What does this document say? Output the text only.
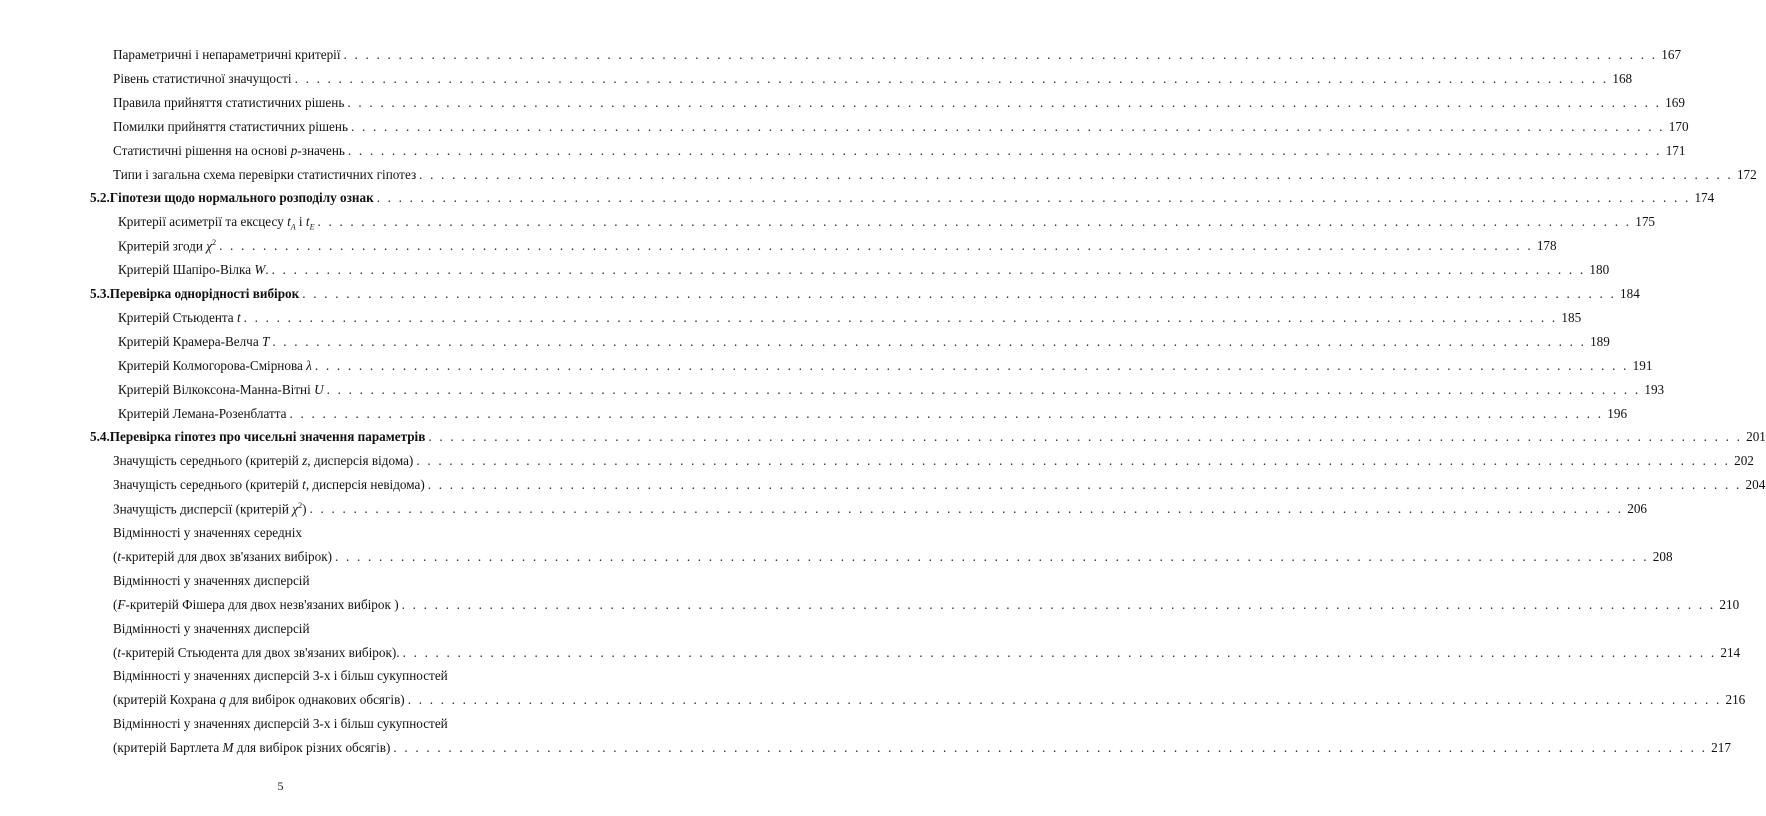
Параметричні і непараметричні критерії . . . . . . . . . . . . . . . . . . . . . . . . . . . . . . . . . . . . . . . . . . . . . . . . . . . . . . . . . . . . . . . . . . . . . . . . . . . . . . . . . . . . . . . . . . . . . . . . . . . . . . . . . . . . . . . . . . . . . . . . 167
Рівень статистичної значущості . . . . . . . . . . . . . . . . . . . . . . . . . . . . . . . . . . . . . . . . . . . . . . . . . . . . . . . . . . . . . . . . . . . . . . . . . . . . . . . . . . . . . . . . . . . . . . . . . . . . . . . . . . . . . . . . . . . . . . . . 168
Правила прийняття статистичних рішень . . . . . . . . . . . . . . . . . . . . . . . . . . . . . . . . . . . . . . . . . . . . . . . . . . . . . . . . . . . . . . . . . . . . . . . . . . . . . . . . . . . . . . . . . . . . . . . . . . . . . . . . . . . . . . . . . . . . . . . . 169
Помилки прийняття статистичних рішень . . . . . . . . . . . . . . . . . . . . . . . . . . . . . . . . . . . . . . . . . . . . . . . . . . . . . . . . . . . . . . . . . . . . . . . . . . . . . . . . . . . . . . . . . . . . . . . . . . . . . . . . . . . . . . . . . . . . . . . . 170
Статистичні рішення на основі p-значень . . . . . . . . . . . . . . . . . . . . . . . . . . . . . . . . . . . . . . . . . . . . . . . . . . . . . . . . . . . . . . . . . . . . . . . . . . . . . . . . . . . . . . . . . . . . . . . . . . . . . . . . . . . . . . . . . . . . . . . . 171
Типи і загальна схема перевірки статистичних гіпотез . . . . . . . . . . . . . . . . . . . . . . . . . . . . . . . . . . . . . . . . . . . . . . . . . . . . . . . . . . . . . . . . . . . . . . . . . . . . . . . . . . . . . . . . . . . . . . . . . . . . . . . . . . . . . . . . . . . . . . . . 172
5.2.Гіпотези щодо нормального розподілу ознак . . . . . . . . . . . . . . . . . . . . . . . . . . . . . . . . . . . . . . . . . . . . . . . . . . . . . . . . . . . . . . . . . . . . . . . . . . . . . . . . . . . . . . . . . . . . . . . . . . . . . . . . . . . . . . . . . . . . . . . . 174
Критерії асиметрії та ексцесу $t_A$ і $t_E$ . . . . . . . . . . . . . . . . . . . . . . . . . . . . . . . . . . . . . . . . . . . . . . . . . . . . . . . . . . . . . . . . . . . . . . . . . . . . . . . . . . . . . . . . . . . . . . . . . . . . . . . . . . . . . . . . . . . . . . . . 175
Критерій згоди $\chi^2$ . . . . . . . . . . . . . . . . . . . . . . . . . . . . . . . . . . . . . . . . . . . . . . . . . . . . . . . . . . . . . . . . . . . . . . . . . . . . . . . . . . . . . . . . . . . . . . . . . . . . . . . . . . . . . . . . . . . . . . . . 178
Критерій Шапіро-Вілка W. . . . . . . . . . . . . . . . . . . . . . . . . . . . . . . . . . . . . . . . . . . . . . . . . . . . . . . . . . . . . . . . . . . . . . . . . . . . . . . . . . . . . . . . . . . . . . . . . . . . . . . . . . . . . . . . . . . . . . . . . 180
5.3.Перевірка однорідності вибірок . . . . . . . . . . . . . . . . . . . . . . . . . . . . . . . . . . . . . . . . . . . . . . . . . . . . . . . . . . . . . . . . . . . . . . . . . . . . . . . . . . . . . . . . . . . . . . . . . . . . . . . . . . . . . . . . . . . . . . . . 184
Критерій Стьюдента t . . . . . . . . . . . . . . . . . . . . . . . . . . . . . . . . . . . . . . . . . . . . . . . . . . . . . . . . . . . . . . . . . . . . . . . . . . . . . . . . . . . . . . . . . . . . . . . . . . . . . . . . . . . . . . . . . . . . . . . . 185
Критерій Крамера-Велча T . . . . . . . . . . . . . . . . . . . . . . . . . . . . . . . . . . . . . . . . . . . . . . . . . . . . . . . . . . . . . . . . . . . . . . . . . . . . . . . . . . . . . . . . . . . . . . . . . . . . . . . . . . . . . . . . . . . . . . . . 189
Критерій Колмогорова-Смірнова λ . . . . . . . . . . . . . . . . . . . . . . . . . . . . . . . . . . . . . . . . . . . . . . . . . . . . . . . . . . . . . . . . . . . . . . . . . . . . . . . . . . . . . . . . . . . . . . . . . . . . . . . . . . . . . . . . . . . . . . . . 191
Критерій Вілкоксона-Манна-Вітні U . . . . . . . . . . . . . . . . . . . . . . . . . . . . . . . . . . . . . . . . . . . . . . . . . . . . . . . . . . . . . . . . . . . . . . . . . . . . . . . . . . . . . . . . . . . . . . . . . . . . . . . . . . . . . . . . . . . . . . . . 193
Критерій Лемана-Розенблатта . . . . . . . . . . . . . . . . . . . . . . . . . . . . . . . . . . . . . . . . . . . . . . . . . . . . . . . . . . . . . . . . . . . . . . . . . . . . . . . . . . . . . . . . . . . . . . . . . . . . . . . . . . . . . . . . . . . . . . . . 196
5.4.Перевірка гіпотез про чисельні значення параметрів . . . . . . . . . . . . . . . . . . . . . . . . . . . . . . . . . . . . . . . . . . . . . . . . . . . . . . . . . . . . . . . . . . . . . . . . . . . . . . . . . . . . . . . . . . . . . . . . . . . . . . . . . . . . . . . . . . . . . . . . 201
Значущість середнього (критерій z, дисперсія відома) . . . . . . . . . . . . . . . . . . . . . . . . . . . . . . . . . . . . . . . . . . . . . . . . . . . . . . . . . . . . . . . . . . . . . . . . . . . . . . . . . . . . . . . . . . . . . . . . . . . . . . . . . . . . . . . . . . . . . . . . 202
Значущість середнього (критерій t, дисперсія невідома) . . . . . . . . . . . . . . . . . . . . . . . . . . . . . . . . . . . . . . . . . . . . . . . . . . . . . . . . . . . . . . . . . . . . . . . . . . . . . . . . . . . . . . . . . . . . . . . . . . . . . . . . . . . . . . . . . . . . . . . . 204
Значущість дисперсії (критерій $\chi^2$) . . . . . . . . . . . . . . . . . . . . . . . . . . . . . . . . . . . . . . . . . . . . . . . . . . . . . . . . . . . . . . . . . . . . . . . . . . . . . . . . . . . . . . . . . . . . . . . . . . . . . . . . . . . . . . . . . . . . . . . . 206
Відмінності у значеннях середніх
(t-критерій для двох зв'язаних вибірок) . . . . . . . . . . . . . . . . . . . . . . . . . . . . . . . . . . . . . . . . . . . . . . . . . . . . . . . . . . . . . . . . . . . . . . . . . . . . . . . . . . . . . . . . . . . . . . . . . . . . . . . . . . . . . . . . . . . . . . . . 208
Відмінності у значеннях дисперсій
(F-критерій Фішера для двох незв'язаних вибірок ) . . . . . . . . . . . . . . . . . . . . . . . . . . . . . . . . . . . . . . . . . . . . . . . . . . . . . . . . . . . . . . . . . . . . . . . . . . . . . . . . . . . . . . . . . . . . . . . . . . . . . . . . . . . . . . . . . . . . . . . . 210
Відмінності у значеннях дисперсій
(t-критерій Стьюдента для двох зв'язаних вибірок). . . . . . . . . . . . . . . . . . . . . . . . . . . . . . . . . . . . . . . . . . . . . . . . . . . . . . . . . . . . . . . . . . . . . . . . . . . . . . . . . . . . . . . . . . . . . . . . . . . . . . . . . . . . . . . . . . . . . . . . . 214
Відмінності у значеннях дисперсій 3-х і більш сукупностей
(критерій Кохрана q для вибірок однакових обсягів) . . . . . . . . . . . . . . . . . . . . . . . . . . . . . . . . . . . . . . . . . . . . . . . . . . . . . . . . . . . . . . . . . . . . . . . . . . . . . . . . . . . . . . . . . . . . . . . . . . . . . . . . . . . . . . . . . . . . . . . . 216
Відмінності у значеннях дисперсій 3-х і більш сукупностей
(критерій Бартлета M для вибірок різних обсягів) . . . . . . . . . . . . . . . . . . . . . . . . . . . . . . . . . . . . . . . . . . . . . . . . . . . . . . . . . . . . . . . . . . . . . . . . . . . . . . . . . . . . . . . . . . . . . . . . . . . . . . . . . . . . . . . . . . . . . . . . 217
5
